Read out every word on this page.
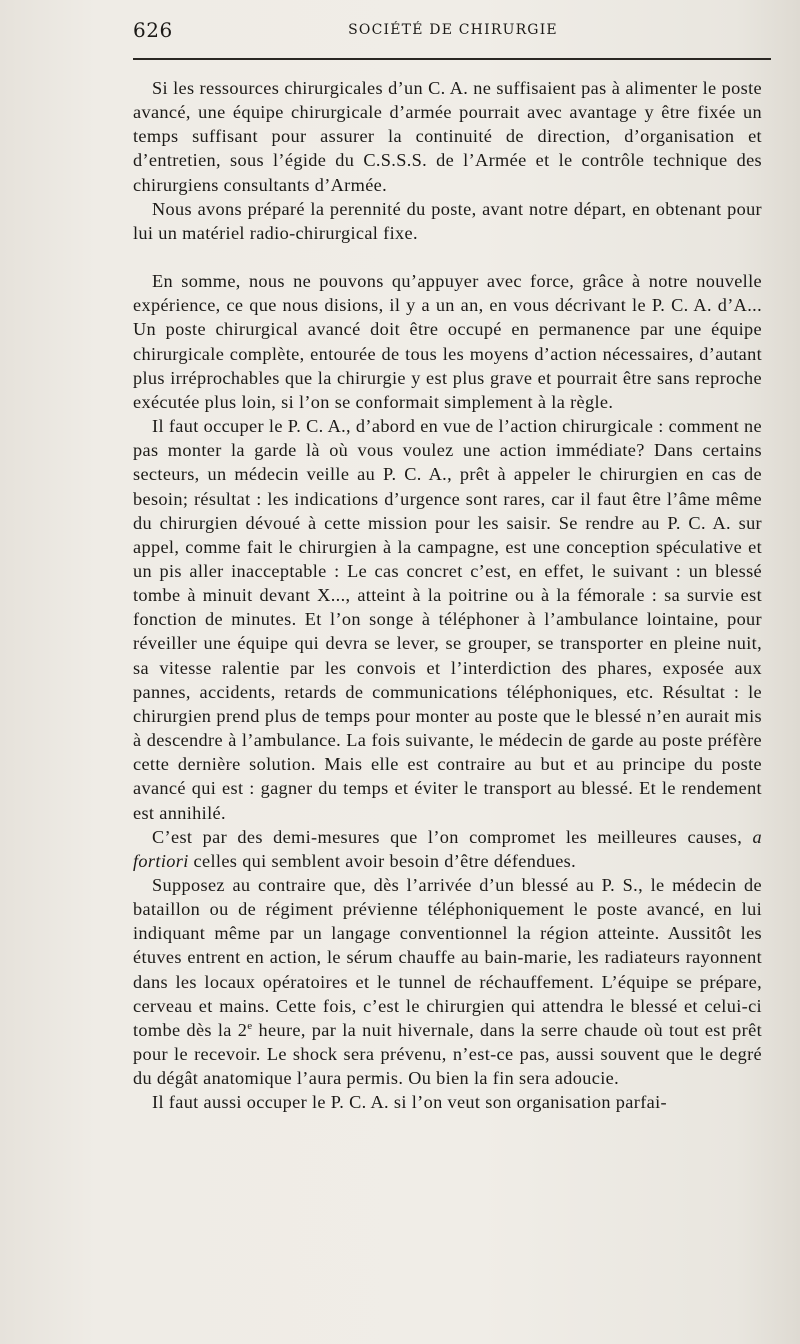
626	SOCIÉTÉ DE CHIRURGIE

Si les ressources chirurgicales d’un C. A. ne suffisaient pas à alimenter le poste avancé, une équipe chirurgicale d’armée pourrait avec avantage y être fixée un temps suffisant pour assurer la continuité de direction, d’organisation et d’entretien, sous l’égide du C.S.S.S. de l’Armée et le contrôle technique des chirurgiens consultants d’Armée.

Nous avons préparé la perennité du poste, avant notre départ, en obtenant pour lui un matériel radio-chirurgical fixe.

En somme, nous ne pouvons qu’appuyer avec force, grâce à notre nouvelle expérience, ce que nous disions, il y a un an, en vous décrivant le P. C. A. d’A... Un poste chirurgical avancé doit être occupé en permanence par une équipe chirurgicale complète, entourée de tous les moyens d’action nécessaires, d’autant plus irréprochables que la chirurgie y est plus grave et pourrait être sans reproche exécutée plus loin, si l’on se conformait simplement à la règle.

Il faut occuper le P. C. A., d’abord en vue de l’action chirurgicale : comment ne pas monter la garde là où vous voulez une action immédiate? Dans certains secteurs, un médecin veille au P. C. A., prêt à appeler le chirurgien en cas de besoin; résultat : les indications d’urgence sont rares, car il faut être l’âme même du chirurgien dévoué à cette mission pour les saisir. Se rendre au P. C. A. sur appel, comme fait le chirurgien à la campagne, est une conception spéculative et un pis aller inacceptable : Le cas concret c’est, en effet, le suivant : un blessé tombe à minuit devant X..., atteint à la poitrine ou à la fémorale : sa survie est fonction de minutes. Et l’on songe à téléphoner à l’ambulance lointaine, pour réveiller une équipe qui devra se lever, se grouper, se transporter en pleine nuit, sa vitesse ralentie par les convois et l’interdiction des phares, exposée aux pannes, accidents, retards de communications téléphoniques, etc. Résultat : le chirurgien prend plus de temps pour monter au poste que le blessé n’en aurait mis à descendre à l’ambulance. La fois suivante, le médecin de garde au poste préfère cette dernière solution. Mais elle est contraire au but et au principe du poste avancé qui est : gagner du temps et éviter le transport au blessé. Et le rendement est annihilé.

C’est par des demi-mesures que l’on compromet les meilleures causes, a fortiori celles qui semblent avoir besoin d’être défendues.

Supposez au contraire que, dès l’arrivée d’un blessé au P. S., le médecin de bataillon ou de régiment prévienne téléphoniquement le poste avancé, en lui indiquant même par un langage conventionnel la région atteinte. Aussitôt les étuves entrent en action, le sérum chauffe au bain-marie, les radiateurs rayonnent dans les locaux opératoires et le tunnel de réchauffement. L’équipe se prépare, cerveau et mains. Cette fois, c’est le chirurgien qui attendra le blessé et celui-ci tombe dès la 2e heure, par la nuit hivernale, dans la serre chaude où tout est prêt pour le recevoir. Le shock sera prévenu, n’est-ce pas, aussi souvent que le degré du dégât anatomique l’aura permis. Ou bien la fin sera adoucie.

Il faut aussi occuper le P. C. A. si l’on veut son organisation parfai-
